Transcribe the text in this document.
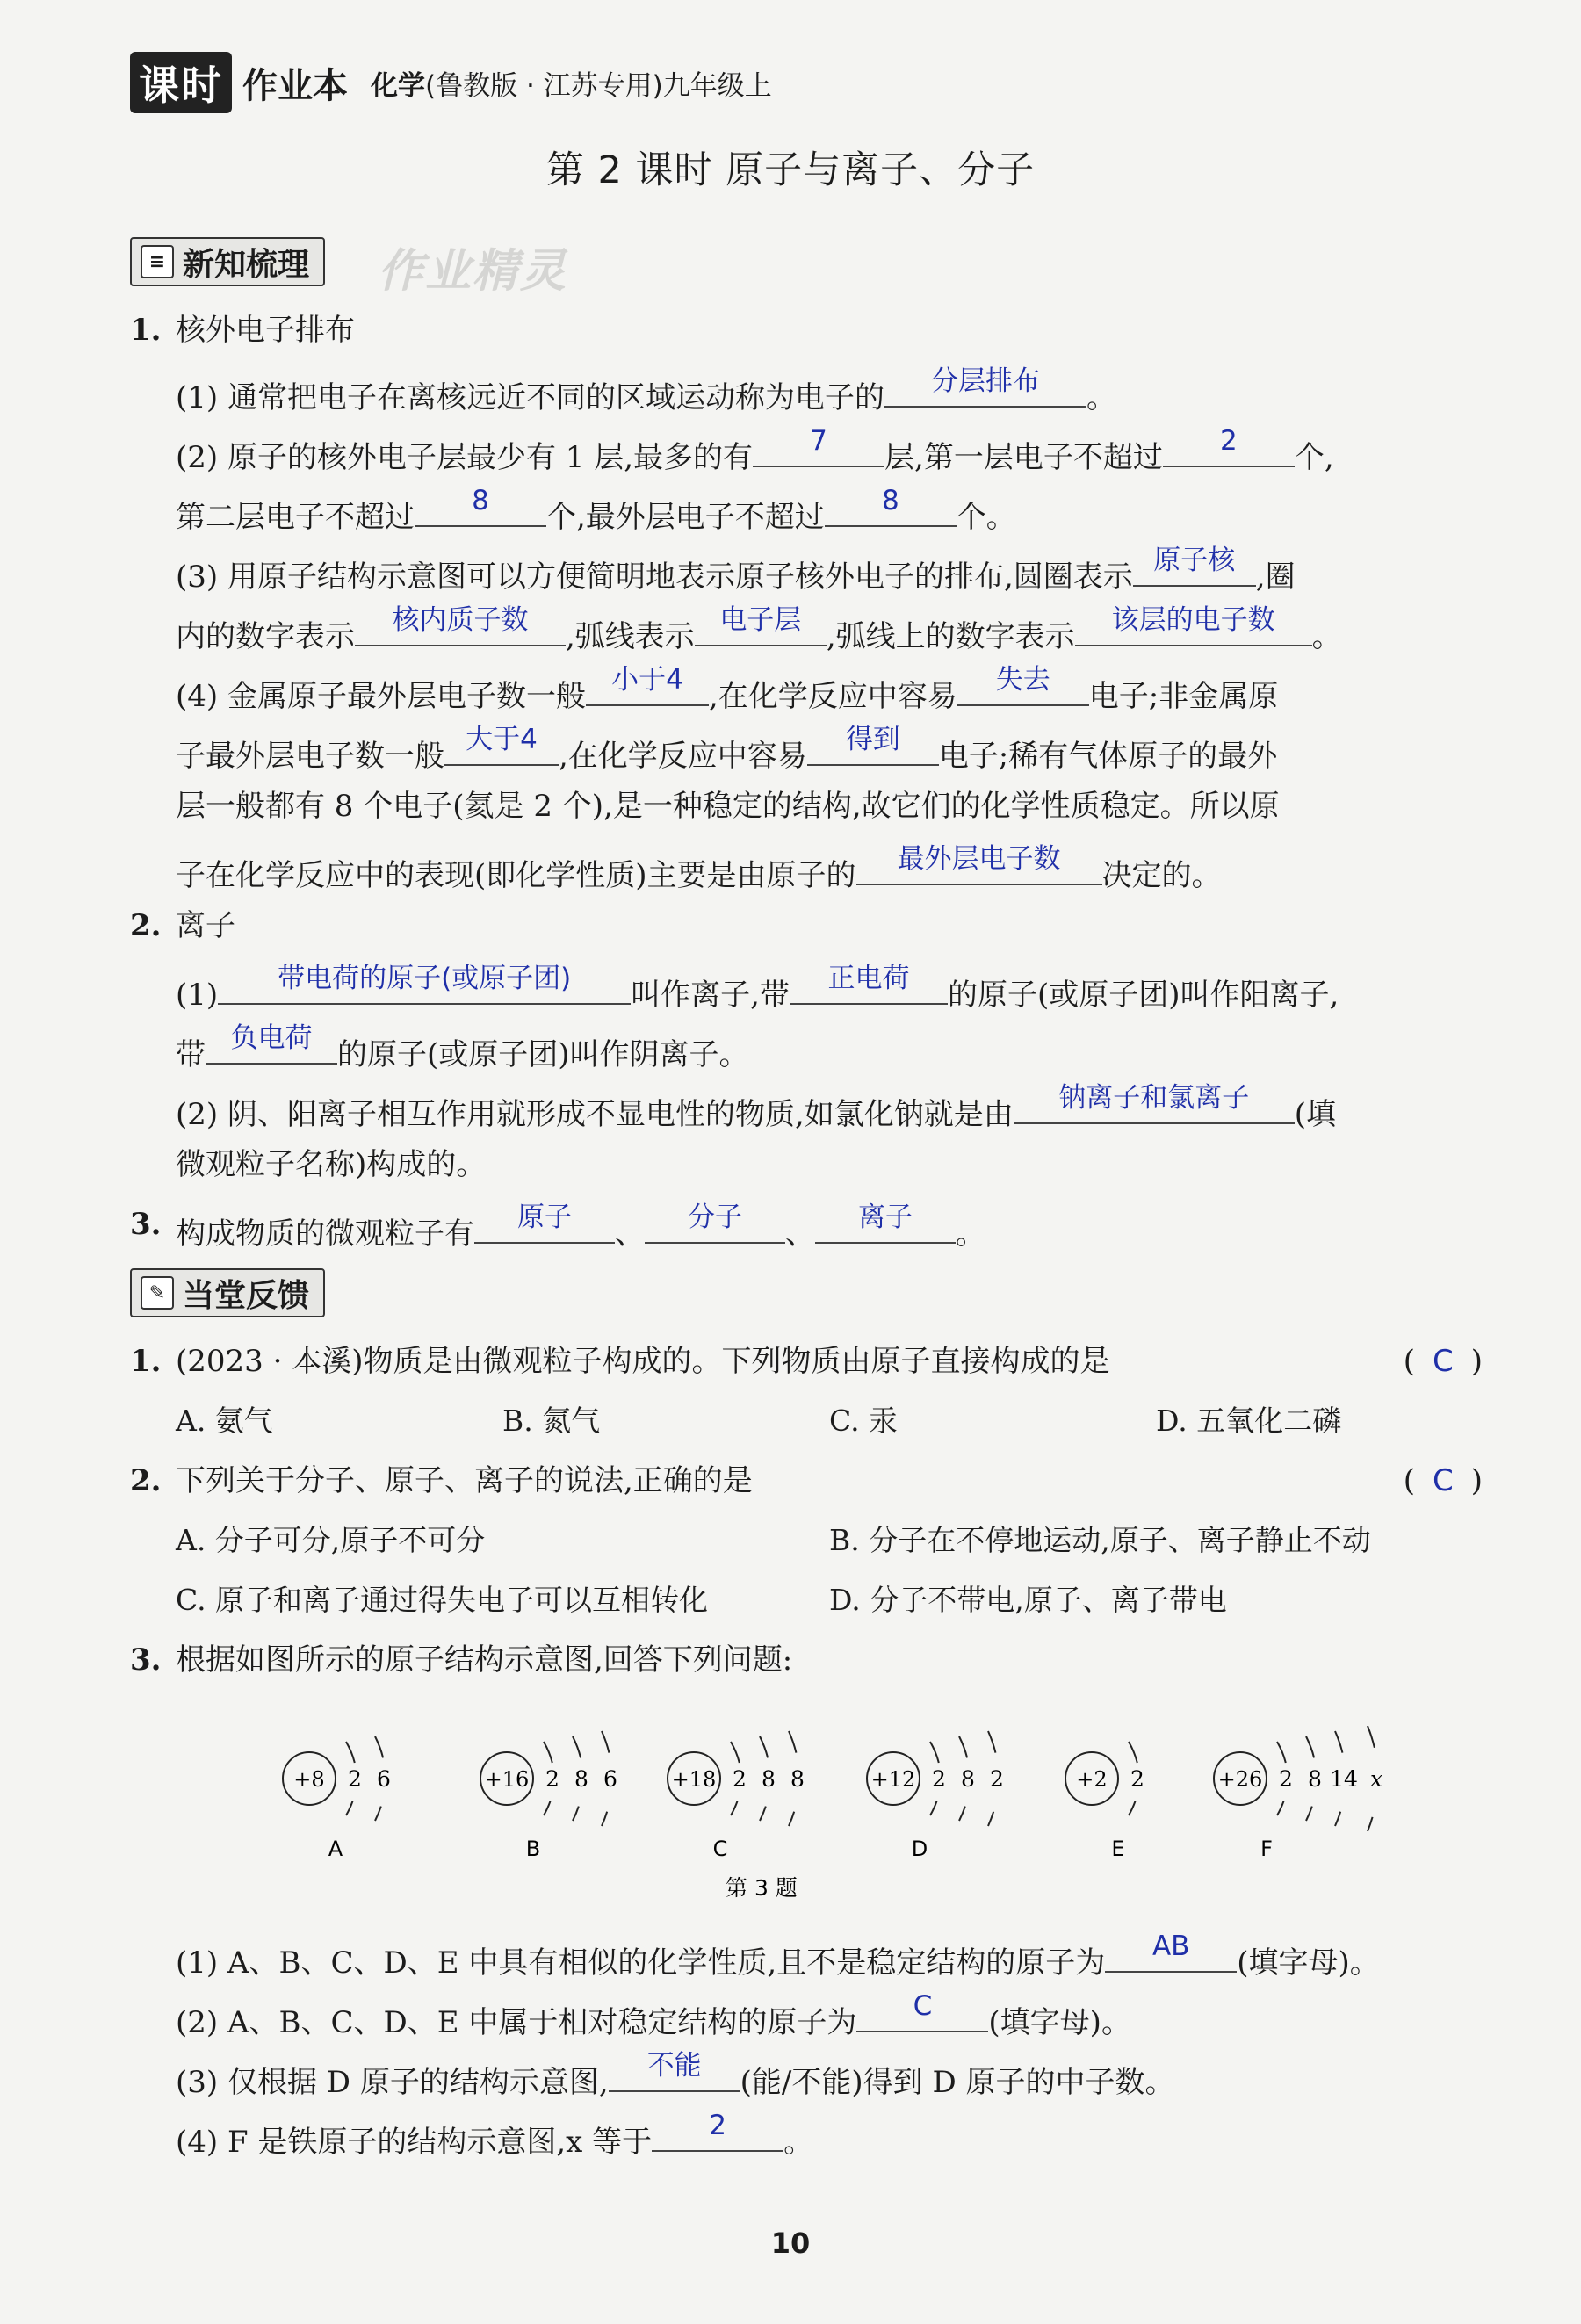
课时 作业本 化学(鲁教版 · 江苏专用)九年级上
第 2 课时 原子与离子、分子
≡ 新知梳理 作业精灵
1. 核外电子排布
(1) 通常把电子在离核远近不同的区域运动称为电子的	分层排布	。
(2) 原子的核外电子层最少有 1 层,最多的有	7	层,第一层电子不超过	2	个,
第二层电子不超过	8	个,最外层电子不超过	8	个。
(3) 用原子结构示意图可以方便简明地表示原子核外电子的排布,圆圈表示 原子核 ,圈
内的数字表示	核内质子数	,弧线表示 电子层 ,弧线上的数字表示	该层的电子数	。
(4) 金属原子最外层电子数一般 小于4 ,在化学反应中容易	失去	电子;非金属原
子最外层电子数一般 大于4 ,在化学反应中容易	得到	电子;稀有气体原子的最外
层一般都有 8 个电子(氦是 2 个),是一种稳定的结构,故它们的化学性质稳定。所以原
子在化学反应中的表现(即化学性质)主要是由原子的	最外层电子数	决定的。
2. 离子
(1)	带电荷的原子(或原子团)	叫作离子,带	正电荷	的原子(或原子团)叫作阳离子,
带 负电荷 的原子(或原子团)叫作阴离子。
(2) 阴、阳离子相互作用就形成不显电性的物质,如氯化钠就是由	钠离子和氯离子	(填
微观粒子名称)构成的。
3. 构成物质的微观粒子有	原子	、	分子	、	离子	。
✎ 当堂反馈
1. (2023 · 本溪)物质是由微观粒子构成的。下列物质由原子直接构成的是	( C )
A. 氨气	B. 氮气	C. 汞	D. 五氧化二磷
2. 下列关于分子、原子、离子的说法,正确的是	( C )
A. 分子可分,原子不可分	B. 分子在不停地运动,原子、离子静止不动
C. 原子和离子通过得失电子可以互相转化	D. 分子不带电,原子、离子带电
3. 根据如图所示的原子结构示意图,回答下列问题:
+8 2 6
A
+16 2 8 6
B
+18 2 8 8
C
+12 2 8 2
D
+2 2
E
+26 2 8 14 x
F
第 3 题
(1) A、B、C、D、E 中具有相似的化学性质,且不是稳定结构的原子为	AB	(填字母)。
(2) A、B、C、D、E 中属于相对稳定结构的原子为	C	(填字母)。
(3) 仅根据 D 原子的结构示意图,	不能	(能/不能)得到 D 原子的中子数。
(4) F 是铁原子的结构示意图,x 等于	2	。
10
